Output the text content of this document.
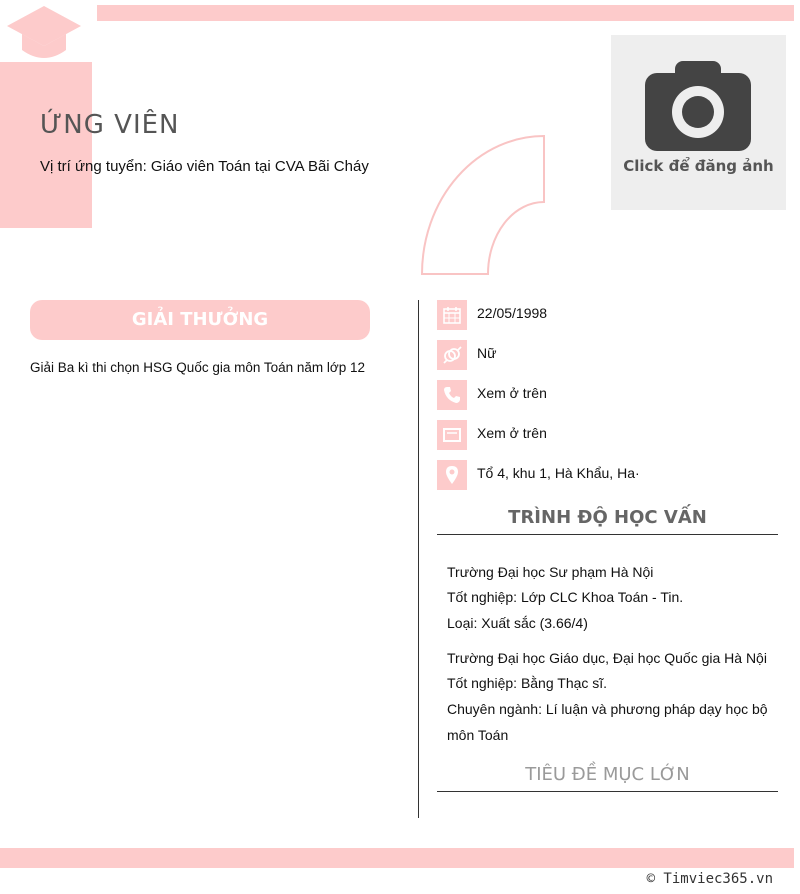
ỨNG VIÊN
Vị trí ứng tuyển: Giáo viên Toán tại CVA Bãi Cháy	Click để đăng ảnh
GIẢI THƯỞNG
Giải Ba kì thi chọn HSG Quốc gia môn Toán năm lớp 12
22/05/1998
Nữ
Xem ở trên
Xem ở trên
Tổ 4, khu 1, Hà Khẩu, Ha·
TRÌNH ĐỘ HỌC VẤN
Trường Đại học Sư phạm Hà Nội
Tốt nghiệp: Lớp CLC Khoa Toán - Tin.
Loại: Xuất sắc (3.66/4)
Trường Đại học Giáo dục, Đại học Quốc gia Hà Nội
Tốt nghiệp: Bằng Thạc sĩ.
Chuyên ngành: Lí luận và phương pháp dạy học bộ
môn Toán
TIÊU ĐỀ MỤC LỚN
© Timviec365.vn
